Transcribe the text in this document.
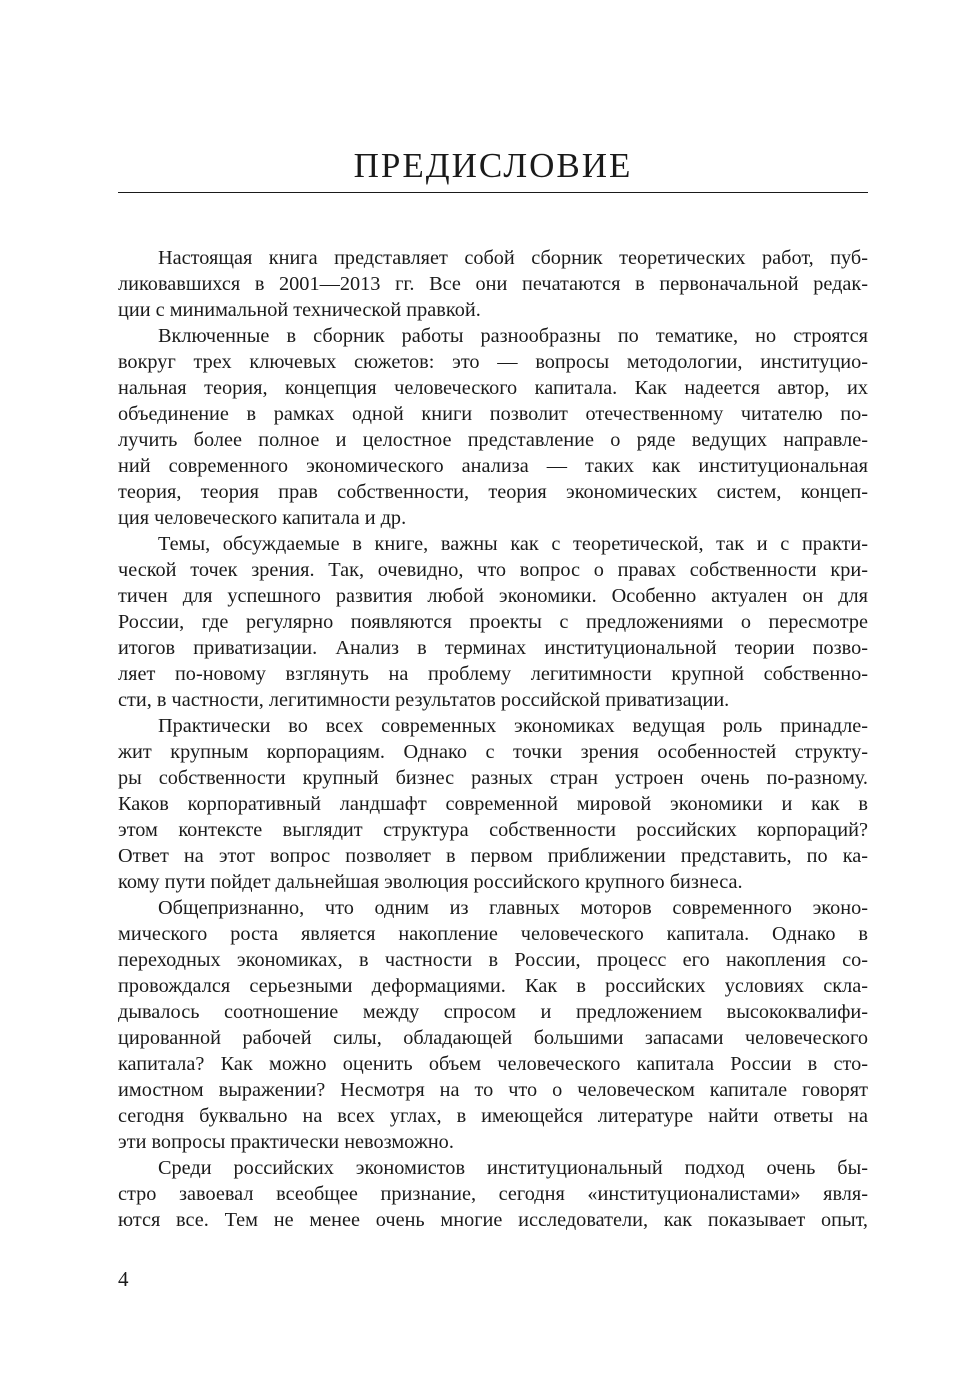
ПРЕДИСЛОВИЕ
Настоящая книга представляет собой сборник теоретических работ, пуб-
ликовавшихся в 2001—2013 гг. Все они печатаются в первоначальной редак-
ции с минимальной технической правкой.
Включенные в сборник работы разнообразны по тематике, но строятся
вокруг трех ключевых сюжетов: это — вопросы методологии, институцио-
нальная теория, концепция человеческого капитала. Как надеется автор, их
объединение в рамках одной книги позволит отечественному читателю по-
лучить более полное и целостное представление о ряде ведущих направле-
ний современного экономического анализа — таких как институциональная
теория, теория прав собственности, теория экономических систем, концеп-
ция человеческого капитала и др.
Темы, обсуждаемые в книге, важны как с теоретической, так и с практи-
ческой точек зрения. Так, очевидно, что вопрос о правах собственности кри-
тичен для успешного развития любой экономики. Особенно актуален он для
России, где регулярно появляются проекты с предложениями о пересмотре
итогов приватизации. Анализ в терминах институциональной теории позво-
ляет по-новому взглянуть на проблему легитимности крупной собственно-
сти, в частности, легитимности результатов российской приватизации.
Практически во всех современных экономиках ведущая роль принадле-
жит крупным корпорациям. Однако с точки зрения особенностей структу-
ры собственности крупный бизнес разных стран устроен очень по-разному.
Каков корпоративный ландшафт современной мировой экономики и как в
этом контексте выглядит структура собственности российских корпораций?
Ответ на этот вопрос позволяет в первом приближении представить, по ка-
кому пути пойдет дальнейшая эволюция российского крупного бизнеса.
Общепризнанно, что одним из главных моторов современного эконо-
мического роста является накопление человеческого капитала. Однако в
переходных экономиках, в частности в России, процесс его накопления со-
провождался серьезными деформациями. Как в российских условиях скла-
дывалось соотношение между спросом и предложением высококвалифи-
цированной рабочей силы, обладающей большими запасами человеческого
капитала? Как можно оценить объем человеческого капитала России в сто-
имостном выражении? Несмотря на то что о человеческом капитале говорят
сегодня буквально на всех углах, в имеющейся литературе найти ответы на
эти вопросы практически невозможно.
Среди российских экономистов институциональный подход очень бы-
стро завоевал всеобщее признание, сегодня «институционалистами» явля-
ются все. Тем не менее очень многие исследователи, как показывает опыт,
4
